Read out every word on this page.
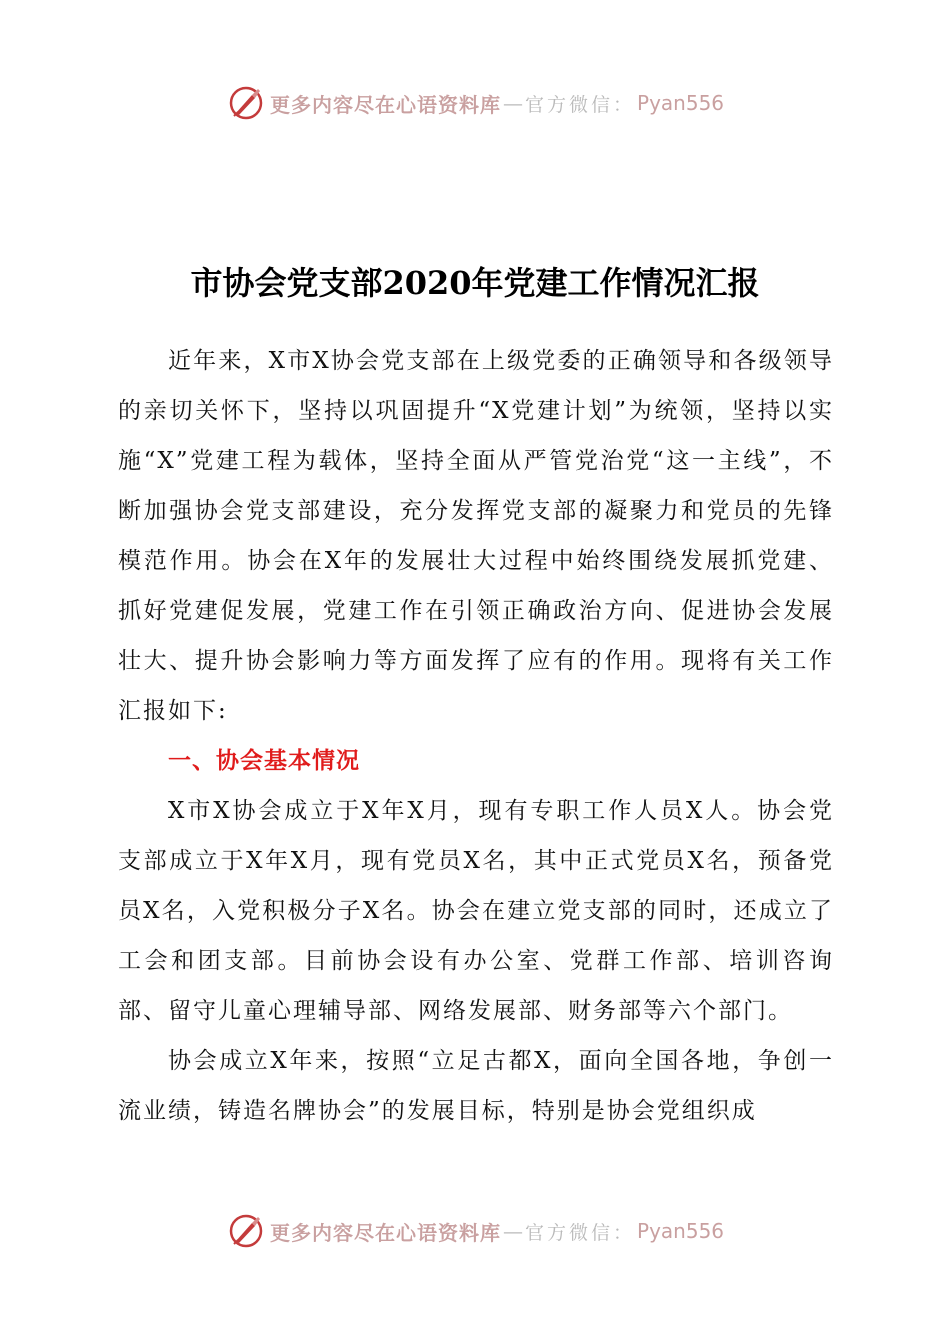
更多内容尽在心语资料库 — 官方微信： Pyan556
市协会党支部2020年党建工作情况汇报

近年来，X市X协会党支部在上级党委的正确领导和各级领导的亲切关怀下，坚持以巩固提升“X党建计划”为统领，坚持以实施“X”党建工程为载体，坚持全面从严管党治党“这一主线”，不断加强协会党支部建设，充分发挥党支部的凝聚力和党员的先锋模范作用。协会在X年的发展壮大过程中始终围绕发展抓党建、抓好党建促发展，党建工作在引领正确政治方向、促进协会发展壮大、提升协会影响力等方面发挥了应有的作用。现将有关工作汇报如下:

一、协会基本情况

X市X协会成立于X年X月，现有专职工作人员X人。协会党支部成立于X年X月，现有党员X名，其中正式党员X名，预备党员X名，入党积极分子X名。协会在建立党支部的同时，还成立了工会和团支部。目前协会设有办公室、党群工作部、培训咨询部、留守儿童心理辅导部、网络发展部、财务部等六个部门。

协会成立X年来，按照“立足古都X，面向全国各地，争创一流业绩，铸造名牌协会”的发展目标，特别是协会党组织成

更多内容尽在心语资料库 — 官方微信： Pyan556
